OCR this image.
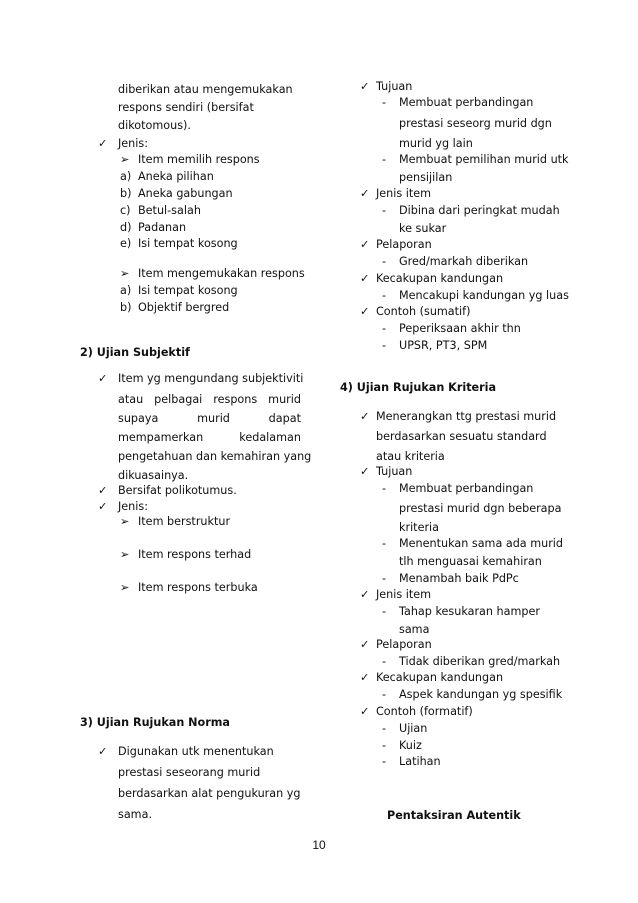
diberikan atau mengemukakan
respons sendiri (bersifat
dikotomous).
✓ Jenis:
➢ Item memilih respons
a) Aneka pilihan
b) Aneka gabungan
c) Betul-salah
d) Padanan
e) Isi tempat kosong
➢ Item mengemukakan respons
a) Isi tempat kosong
b) Objektif bergred
2) Ujian Subjektif
✓ Item yg mengundang subjektiviti
atau pelbagai respons murid
supaya	murid	dapat
mempamerkan	kedalaman
pengetahuan dan kemahiran yang
dikuasainya.
✓ Bersifat polikotumus.
✓ Jenis:
➢ Item berstruktur
➢ Item respons terhad
➢ Item respons terbuka
3) Ujian Rujukan Norma
✓ Digunakan utk menentukan
prestasi seseorang murid
berdasarkan alat pengukuran yg
sama.
✓ Tujuan
- Membuat perbandingan
prestasi seseorg murid dgn
murid yg lain
- Membuat pemilihan murid utk
pensijilan
✓ Jenis item
- Dibina dari peringkat mudah
ke sukar
✓ Pelaporan
- Gred/markah diberikan
✓ Kecakupan kandungan
- Mencakupi kandungan yg luas
✓ Contoh (sumatif)
- Peperiksaan akhir thn
- UPSR, PT3, SPM
4) Ujian Rujukan Kriteria
✓ Menerangkan ttg prestasi murid
berdasarkan sesuatu standard
atau kriteria
✓ Tujuan
- Membuat perbandingan
prestasi murid dgn beberapa
kriteria
- Menentukan sama ada murid
tlh menguasai kemahiran
- Menambah baik PdPc
✓ Jenis item
- Tahap kesukaran hamper
sama
✓ Pelaporan
- Tidak diberikan gred/markah
✓ Kecakupan kandungan
- Aspek kandungan yg spesifik
✓ Contoh (formatif)
- Ujian
- Kuiz
- Latihan
Pentaksiran Autentik
10
